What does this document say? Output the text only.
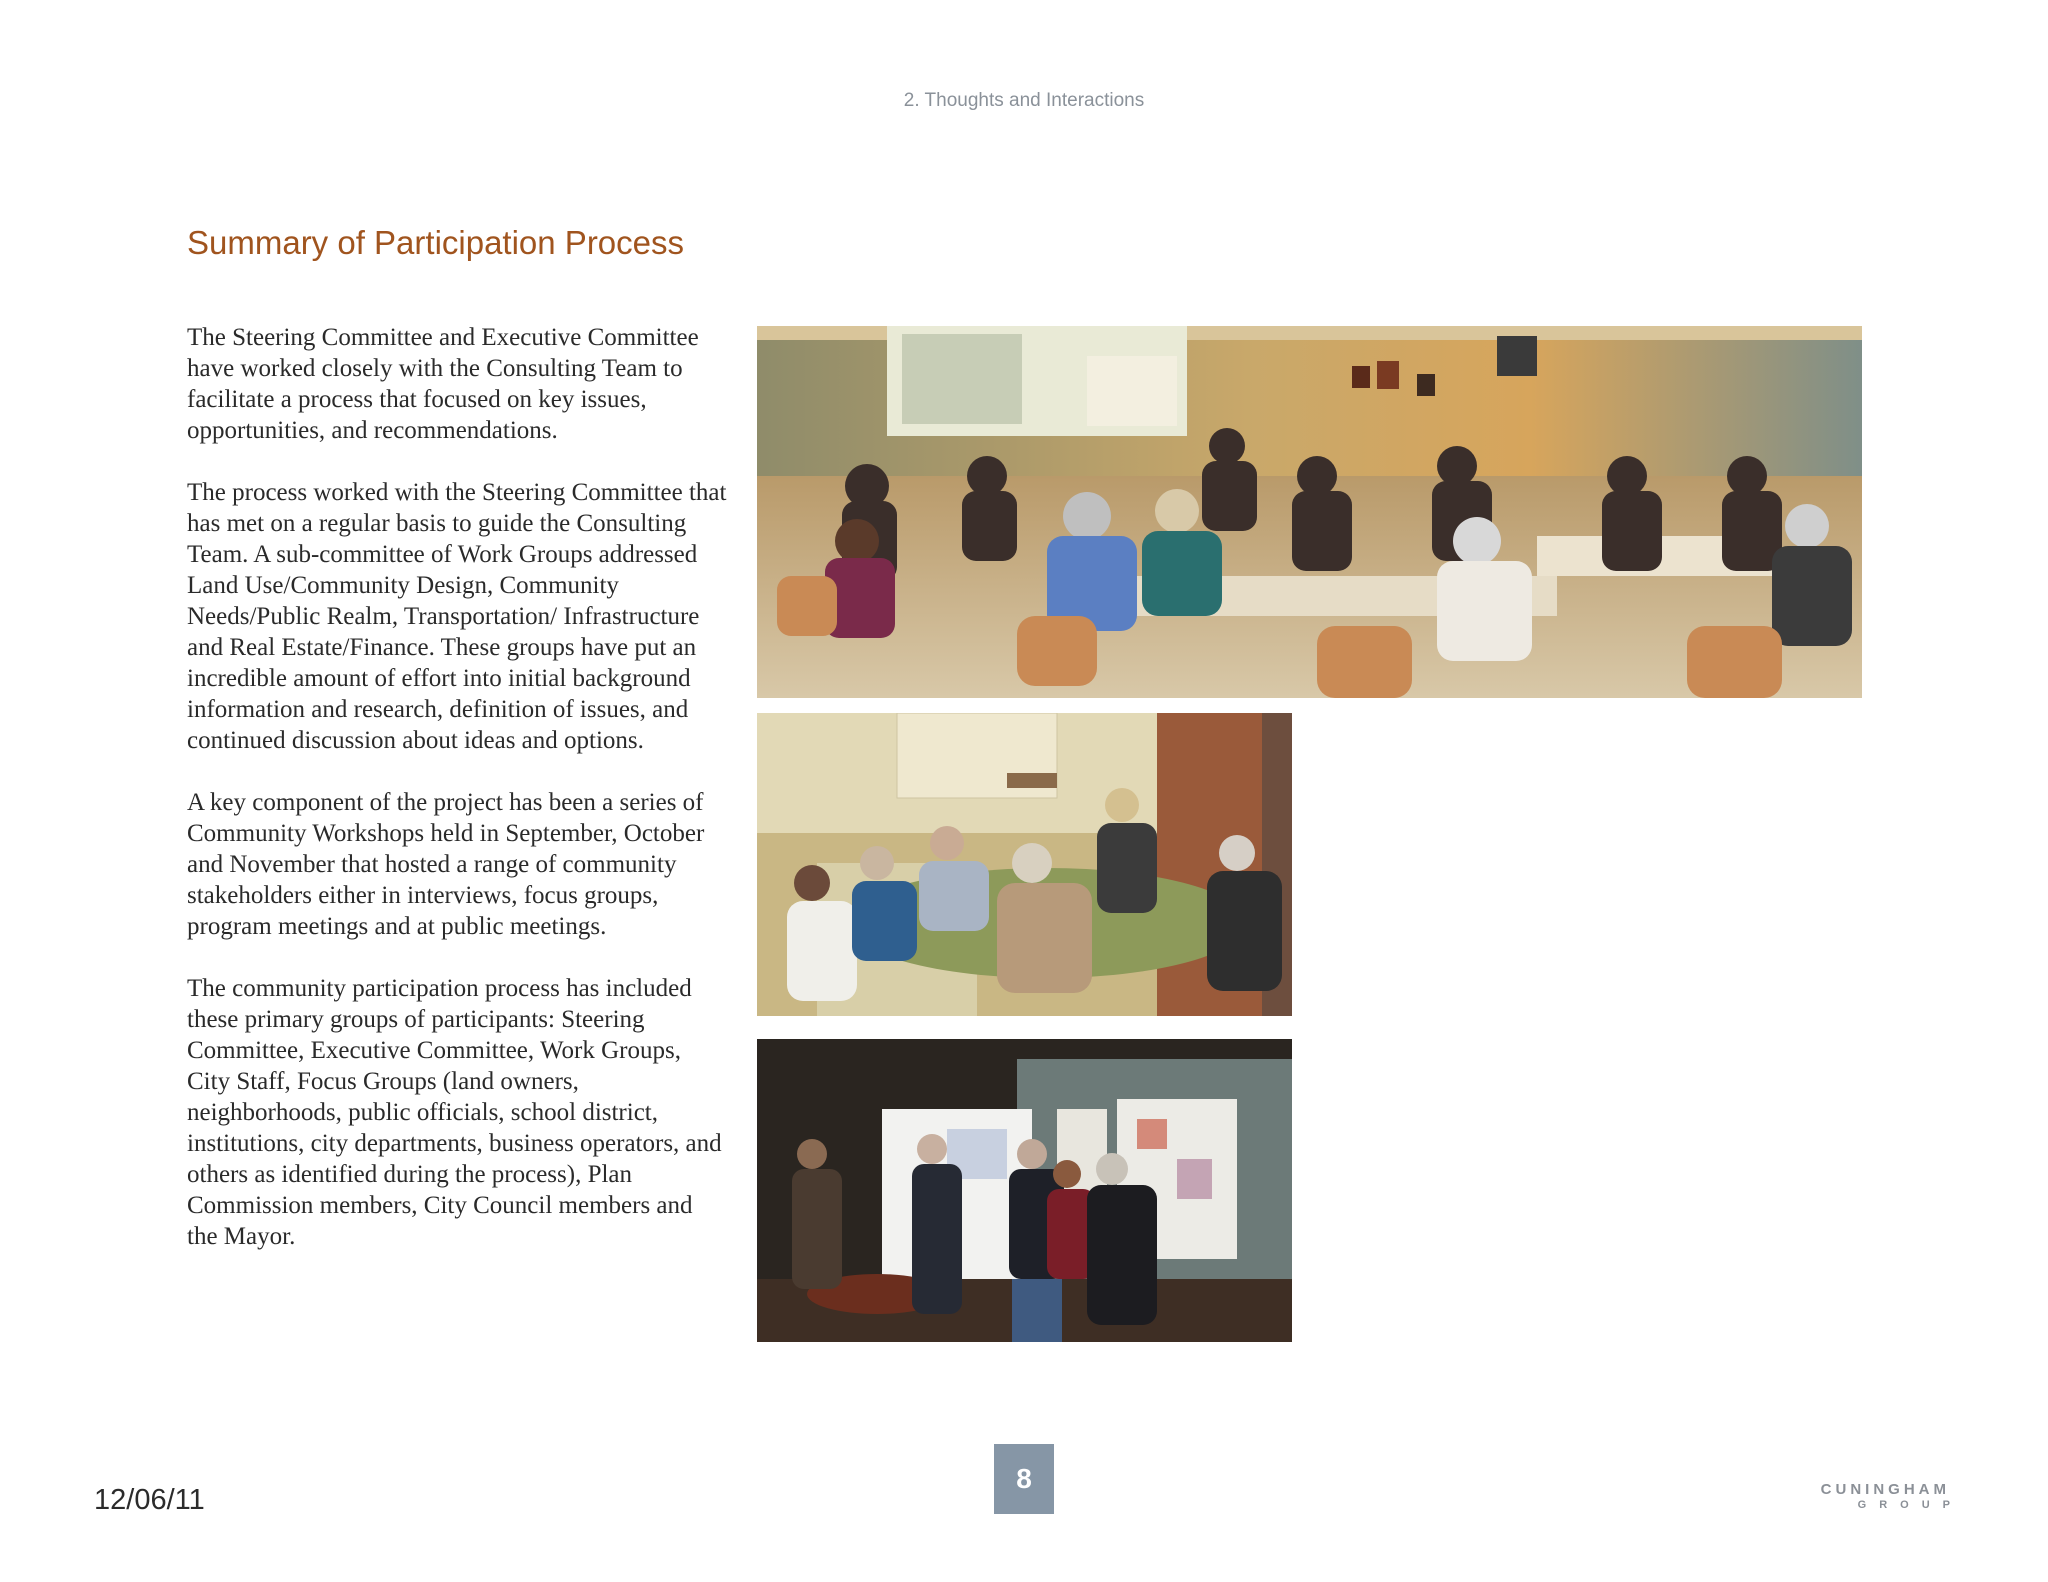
2. Thoughts and Interactions
Summary of Participation Process

The Steering Committee and Executive Committee have worked closely with the Consulting Team to facilitate a process that focused on key issues, opportunities, and recommendations.

The process worked with the Steering Committee that has met on a regular basis to guide the Consulting Team. A sub-committee of Work Groups addressed Land Use/Community Design, Community Needs/Public Realm, Transportation/ Infrastructure and Real Estate/Finance. These groups have put an incredible amount of effort into initial background information and research, definition of issues, and continued discussion about ideas and options.

A key component of the project has been a series of Community Workshops held in September, October and November that hosted a range of community stakeholders either in interviews, focus groups, program meetings and at public meetings.

The community participation process has included these primary groups of participants: Steering Committee, Executive Committee, Work Groups, City Staff, Focus Groups (land owners, neighborhoods, public officials, school district, institutions, city departments, business operators, and others as identified during the process), Plan Commission members, City Council members and the Mayor.

12/06/11
8	CUNINGHAM
GROUP
